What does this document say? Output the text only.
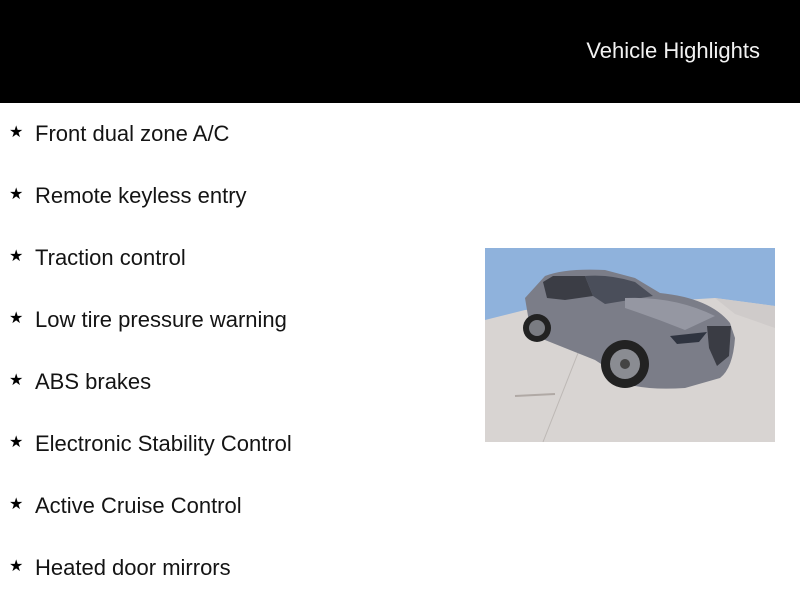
Vehicle Highlights
★ Front dual zone A/C
★ Remote keyless entry
★ Traction control
★ Low tire pressure warning
★ ABS brakes
★ Electronic Stability Control
★ Active Cruise Control
★ Heated door mirrors
